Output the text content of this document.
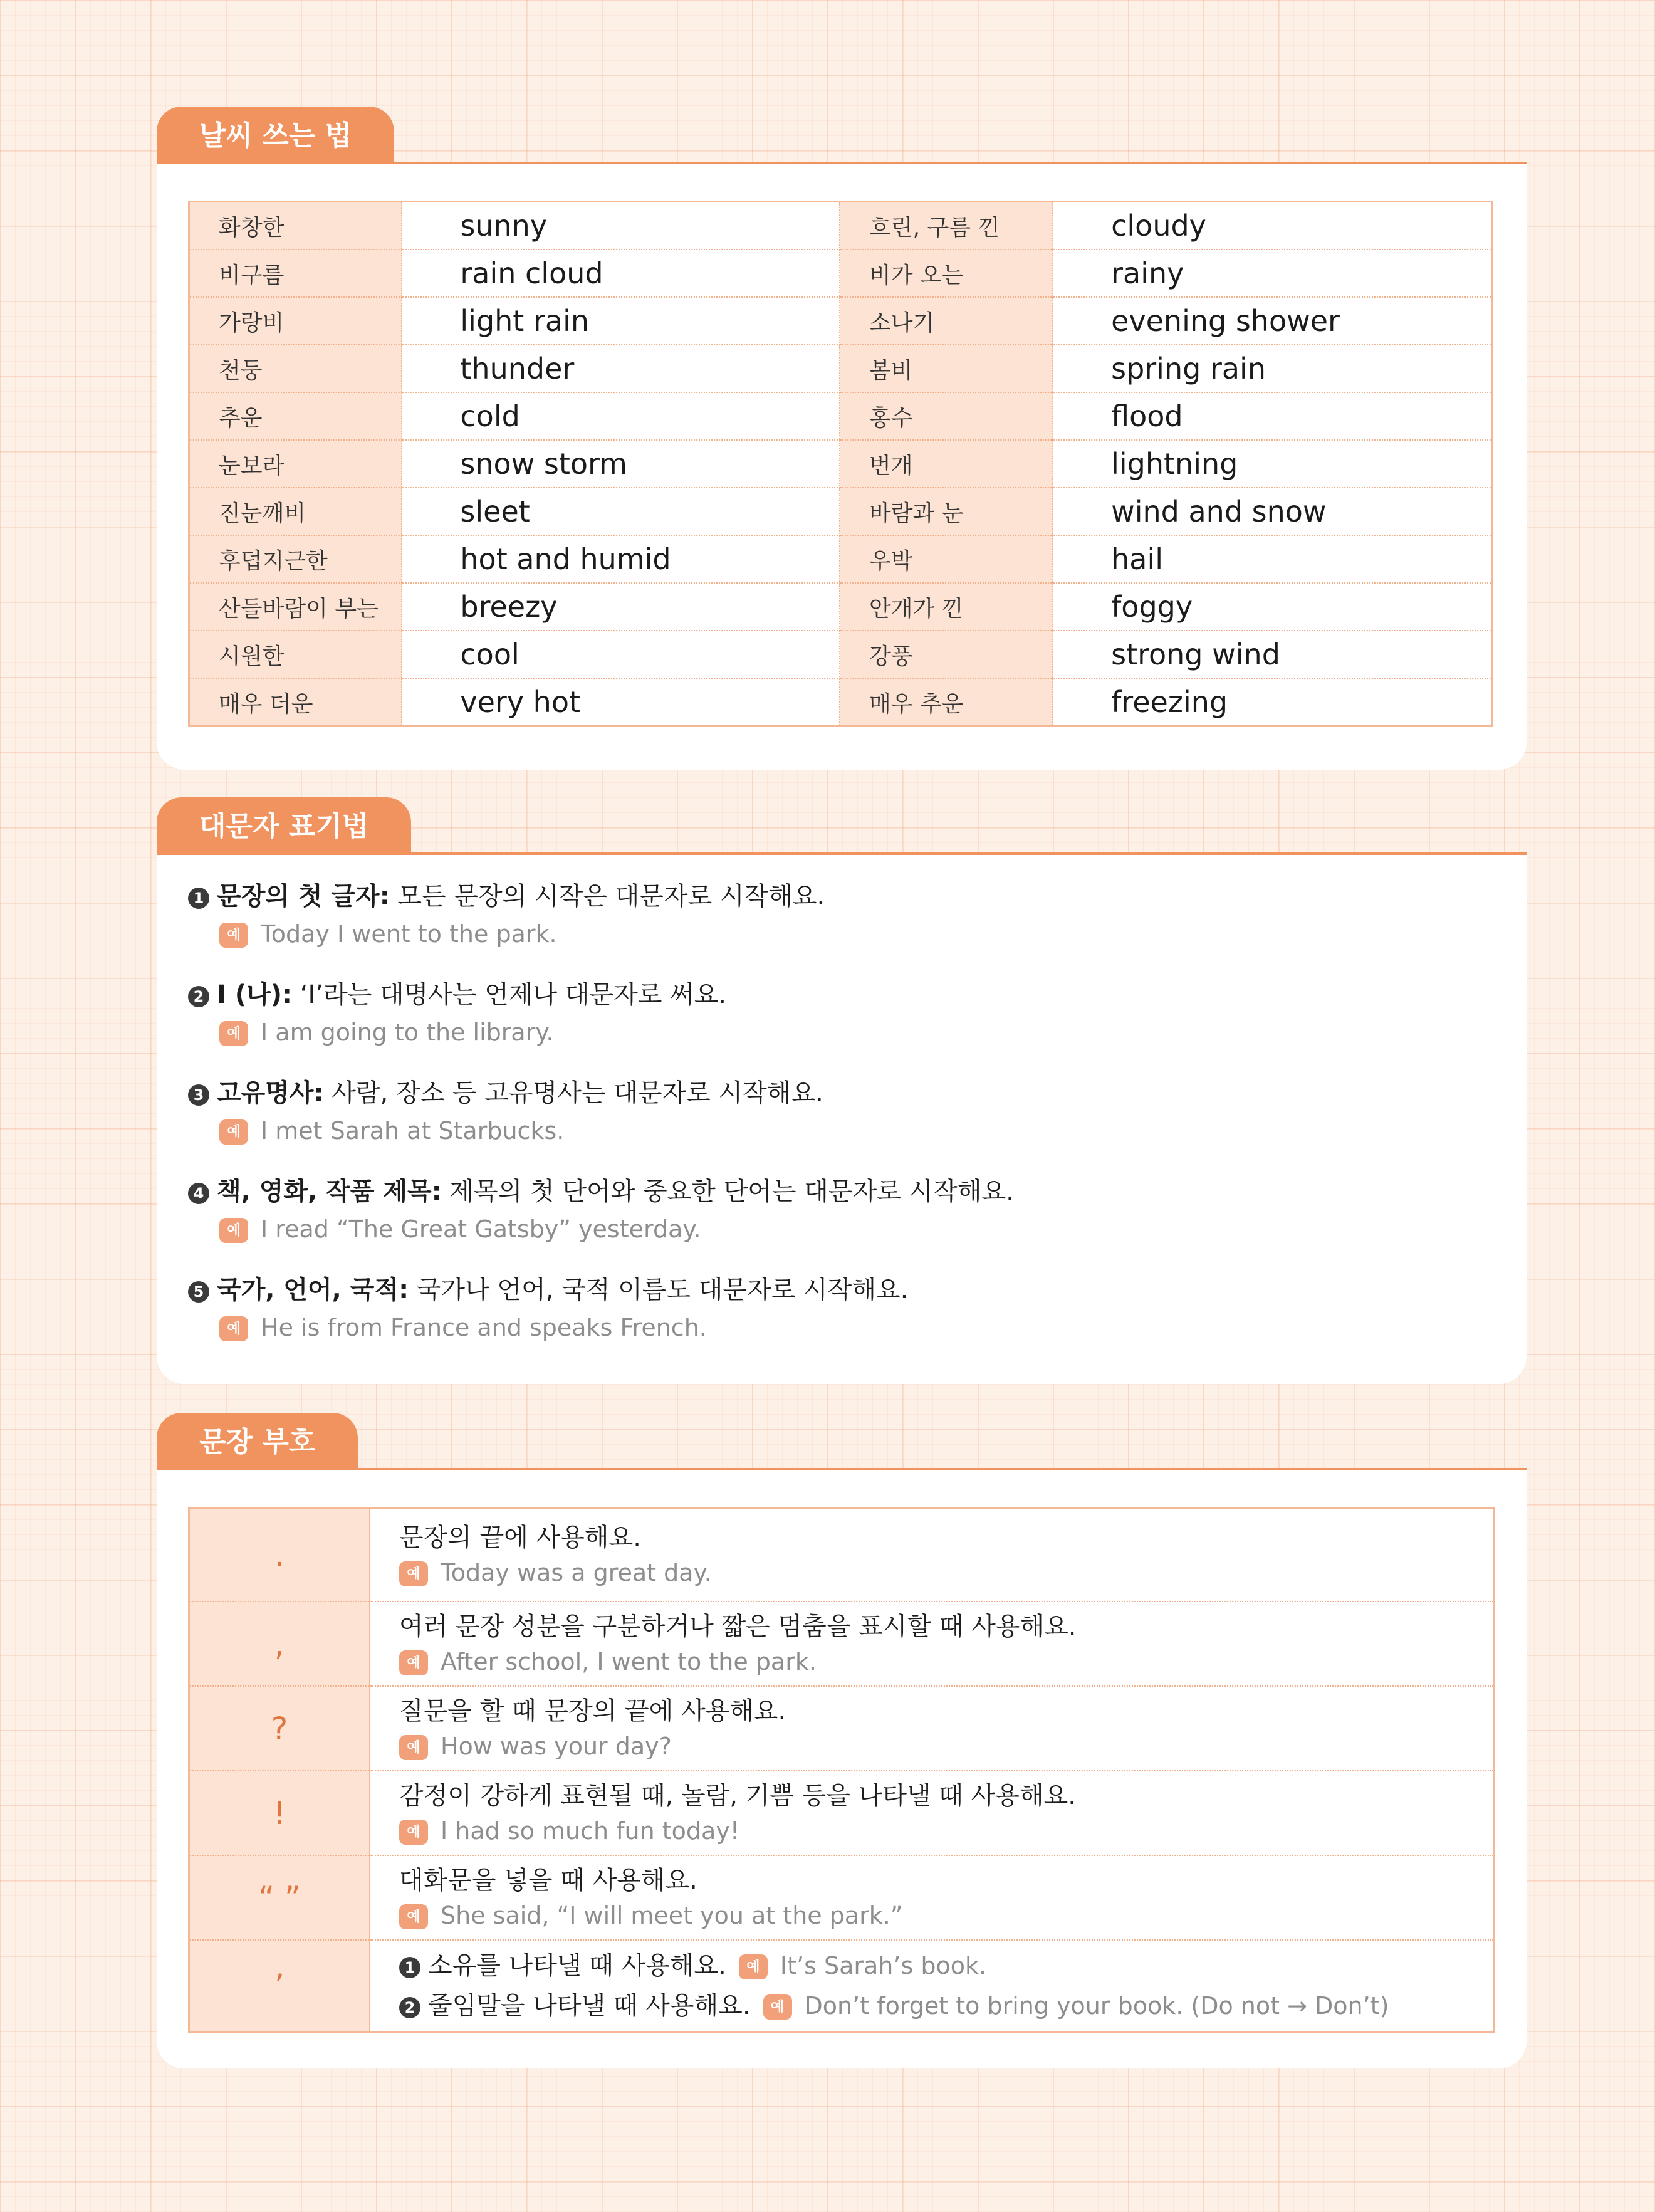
날씨 쓰는 법
화창한	sunny	흐린, 구름 낀	cloudy
비구름	rain cloud	비가 오는	rainy
가랑비	light rain	소나기	evening shower
천둥	thunder	봄비	spring rain
추운	cold	홍수	flood
눈보라	snow storm	번개	lightning
진눈깨비	sleet	바람과 눈	wind and snow
후덥지근한	hot and humid	우박	hail
산들바람이 부는	breezy	안개가 낀	foggy
시원한	cool	강풍	strong wind
매우 더운	very hot	매우 추운	freezing
대문자 표기법
1 문장의 첫 글자: 모든 문장의 시작은 대문자로 시작해요.
예 Today I went to the park.
2 I (나): ‘I’라는 대명사는 언제나 대문자로 써요.
예 I am going to the library.
3 고유명사: 사람, 장소 등 고유명사는 대문자로 시작해요.
예 I met Sarah at Starbucks.
4 책, 영화, 작품 제목: 제목의 첫 단어와 중요한 단어는 대문자로 시작해요.
예 I read “The Great Gatsby” yesterday.
5 국가, 언어, 국적: 국가나 언어, 국적 이름도 대문자로 시작해요.
예 He is from France and speaks French.
문장 부호
.	문장의 끝에 사용해요.
예 Today was a great day.

,	여러 문장 성분을 구분하거나 짧은 멈춤을 표시할 때 사용해요.
예 After school, I went to the park.

?	질문을 할 때 문장의 끝에 사용해요.
예 How was your day?

!	감정이 강하게 표현될 때, 놀람, 기쁨 등을 나타낼 때 사용해요.
예 I had so much fun today!

“ ”	대화문을 넣을 때 사용해요.
예 She said, “I will meet you at the park.”

’	1 소유를 나타낼 때 사용해요. 예 It’s Sarah’s book.
2 줄임말을 나타낼 때 사용해요. 예 Don’t forget to bring your book. (Do not → Don’t)
